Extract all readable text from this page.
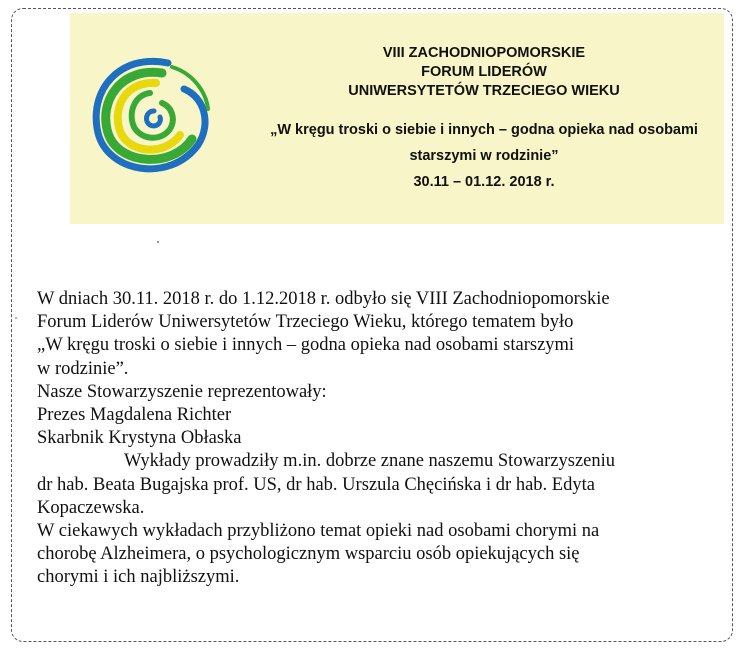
VIII ZACHODNIOPOMORSKIE
FORUM LIDERÓW
UNIWERSYTETÓW TRZECIEGO WIEKU
„W kręgu troski o siebie i innych – godna opieka nad osobami
starszymi w rodzinie”
30.11 – 01.12. 2018 r.
W dniach 30.11. 2018 r. do 1.12.2018 r. odbyło się VIII Zachodniopomorskie
Forum Liderów Uniwersytetów Trzeciego Wieku, którego tematem było
„W kręgu troski o siebie i innych – godna opieka nad osobami starszymi
w rodzinie”.
Nasze Stowarzyszenie reprezentowały:
Prezes Magdalena Richter
Skarbnik Krystyna Obłaska
Wykłady prowadziły m.in. dobrze znane naszemu Stowarzyszeniu
dr hab. Beata Bugajska prof. US, dr hab. Urszula Chęcińska i dr hab. Edyta
Kopaczewska.
W ciekawych wykładach przybliżono temat opieki nad osobami chorymi na
chorobę Alzheimera, o psychologicznym wsparciu osób opiekujących się
chorymi i ich najbliższymi.
